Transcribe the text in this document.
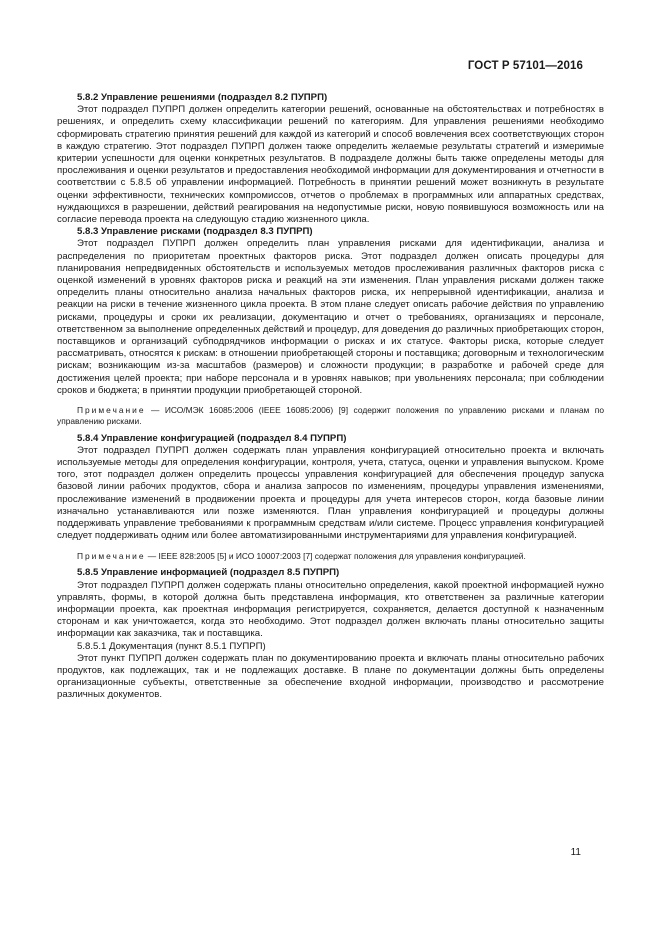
ГОСТ Р 57101—2016
5.8.2 Управление решениями (подраздел 8.2 ПУПРП)

Этот подраздел ПУПРП должен определить категории решений, основанные на обстоятельствах и потребностях в решениях, и определить схему классификации решений по категориям. Для управления решениями необходимо сформировать стратегию принятия решений для каждой из категорий и способ вовлечения всех соответствующих сторон в каждую стратегию. Этот подраздел ПУПРП должен также определить желаемые результаты стратегий и измеримые критерии успешности для оценки конкретных результатов. В подразделе должны быть также определены методы для прослеживания и оценки результатов и предоставления необходимой информации для документирования и отчетности в соответствии с 5.8.5 об управлении информацией. Потребность в принятии решений может возникнуть в результате оценки эффективности, технических компромиссов, отчетов о проблемах в программных или аппаратных средствах, нуждающихся в разрешении, действий реагирования на недопустимые риски, новую появившуюся возможность или на согласие перевода проекта на следующую стадию жизненного цикла.

5.8.3 Управление рисками (подраздел 8.3 ПУПРП)

Этот подраздел ПУПРП должен определить план управления рисками для идентификации, анализа и распределения по приоритетам проектных факторов риска. Этот подраздел должен описать процедуры для планирования непредвиденных обстоятельств и используемых методов прослеживания различных факторов риска с оценкой изменений в уровнях факторов риска и реакций на эти изменения. План управления рисками должен также определить планы относительно анализа начальных факторов риска, их непрерывной идентификации, анализа и реакции на риски в течение жизненного цикла проекта. В этом плане следует описать рабочие действия по управлению рисками, процедуры и сроки их реализации, документацию и отчет о требованиях, организациях и персонале, ответственном за выполнение определенных действий и процедур, для доведения до различных приобретающих сторон, поставщиков и организаций субподрядчиков информации о рисках и их статусе. Факторы риска, которые следует рассматривать, относятся к рискам: в отношении приобретающей стороны и поставщика; договорным и технологическим рискам; возникающим из-за масштабов (размеров) и сложности продукции; в разработке и рабочей среде для достижения целей проекта; при наборе персонала и в уровнях навыков; при увольнениях персонала; при соблюдении сроков и бюджета; в принятии продукции приобретающей стороной.

Примечание — ИСО/МЭК 16085:2006 (IEEE 16085:2006) [9] содержит положения по управлению рисками и планам по управлению рисками.

5.8.4 Управление конфигурацией (подраздел 8.4 ПУПРП)

Этот подраздел ПУПРП должен содержать план управления конфигурацией относительно проекта и включать используемые методы для определения конфигурации, контроля, учета, статуса, оценки и управления выпуском. Кроме того, этот подраздел должен определить процессы управления конфигурацией для обеспечения процедур запуска базовой линии рабочих продуктов, сбора и анализа запросов по изменениям, процедуры управления изменениями, прослеживание изменений в продвижении проекта и процедуры для учета интересов сторон, когда базовые линии изначально устанавливаются или позже изменяются. План управления конфигурацией и процедуры должны поддерживать управление требованиями к программным средствам и/или системе. Процесс управления конфигурацией следует поддерживать одним или более автоматизированными инструментариями для управления конфигурацией.

Примечание — IEEE 828:2005 [5] и ИСО 10007:2003 [7] содержат положения для управления конфигурацией.

5.8.5 Управление информацией (подраздел 8.5 ПУПРП)

Этот подраздел ПУПРП должен содержать планы относительно определения, какой проектной информацией нужно управлять, формы, в которой должна быть представлена информация, кто ответственен за различные категории информации проекта, как проектная информация регистрируется, сохраняется, делается доступной к назначенным сторонам и как уничтожается, когда это необходимо. Этот подраздел должен включать планы относительно защиты информации как заказчика, так и поставщика.

5.8.5.1 Документация (пункт 8.5.1 ПУПРП)

Этот пункт ПУПРП должен содержать план по документированию проекта и включать планы относительно рабочих продуктов, как подлежащих, так и не подлежащих доставке. В плане по документации должны быть определены организационные субъекты, ответственные за обеспечение входной информации, производство и рассмотрение различных документов.

11
